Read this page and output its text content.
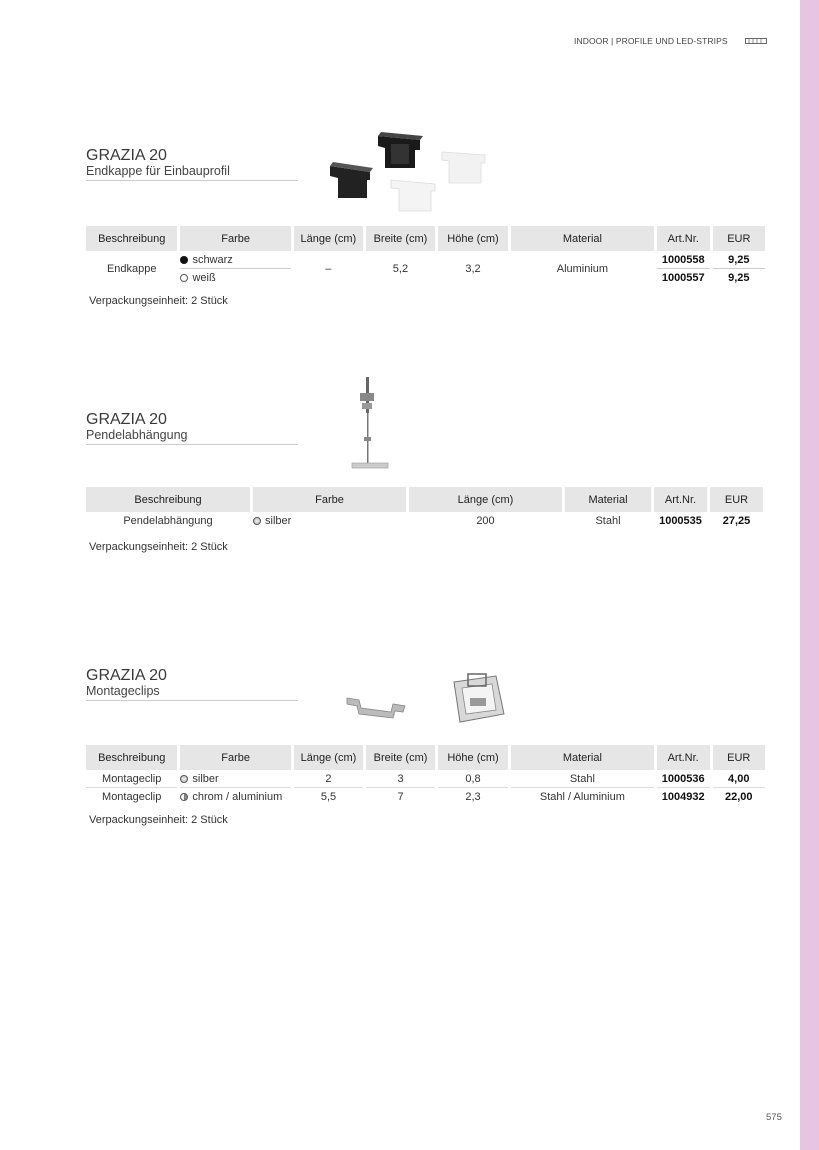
INDOOR | PROFILE UND LED-STRIPS
GRAZIA 20
Endkappe für Einbauprofil
Beschreibung	Farbe	Länge (cm)	Breite (cm)	Höhe (cm)	Material	Art.Nr.	EUR
Endkappe	schwarz	–	5,2	3,2	Aluminium	1000558	9,25
	weiß					1000557	9,25
Verpackungseinheit: 2 Stück
GRAZIA 20
Pendelabhängung
Beschreibung	Farbe	Länge (cm)	Material	Art.Nr.	EUR
Pendelabhängung	silber	200	Stahl	1000535	27,25
Verpackungseinheit: 2 Stück
GRAZIA 20
Montageclips
Beschreibung	Farbe	Länge (cm)	Breite (cm)	Höhe (cm)	Material	Art.Nr.	EUR
Montageclip	silber	2	3	0,8	Stahl	1000536	4,00
Montageclip	chrom / aluminium	5,5	7	2,3	Stahl / Aluminium	1004932	22,00
Verpackungseinheit: 2 Stück
575
